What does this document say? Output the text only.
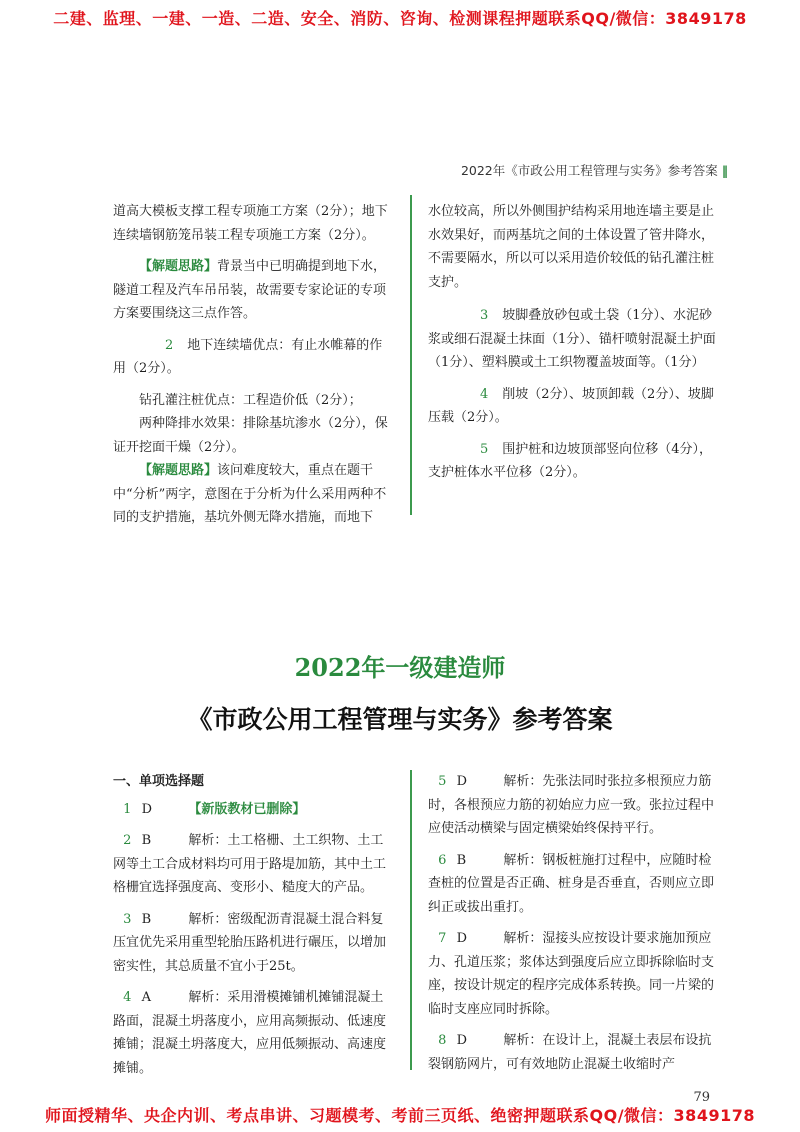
二建、监理、一建、一造、二造、安全、消防、咨询、检测课程押题联系QQ/微信：3849178
2022年《市政公用工程管理与实务》参考答案 ‖

道高大模板支撑工程专项施工方案（2分）；地下连续墙钢筋笼吊装工程专项施工方案（2分）。

【解题思路】背景当中已明确提到地下水，隧道工程及汽车吊吊装，故需要专家论证的专项方案要围绕这三点作答。

2 地下连续墙优点：有止水帷幕的作用（2分）。

钻孔灌注桩优点：工程造价低（2分）；

两种降排水效果：排除基坑渗水（2分），保证开挖面干燥（2分）。

【解题思路】该问难度较大，重点在题干中“分析”两字，意图在于分析为什么采用两种不同的支护措施，基坑外侧无降水措施，而地下

水位较高，所以外侧围护结构采用地连墙主要是止水效果好，而两基坑之间的土体设置了管井降水，不需要隔水，所以可以采用造价较低的钻孔灌注桩支护。

3 坡脚叠放砂包或土袋（1分）、水泥砂浆或细石混凝土抹面（1分）、锚杆喷射混凝土护面（1分）、塑料膜或土工织物覆盖坡面等。（1分）

4 削坡（2分）、坡顶卸载（2分）、坡脚压载（2分）。

5 围护桩和边坡顶部竖向位移（4分），支护桩体水平位移（2分）。

2022年一级建造师
《市政公用工程管理与实务》参考答案
一、单项选择题

1 D	【新版教材已删除】

2 B	解析：土工格栅、土工织物、土工网等土工合成材料均可用于路堤加筋，其中土工格栅宜选择强度高、变形小、糙度大的产品。

3 B	解析：密级配沥青混凝土混合料复压宜优先采用重型轮胎压路机进行碾压，以增加密实性，其总质量不宜小于25t。

4 A	解析：采用滑模摊铺机摊铺混凝土路面，混凝土坍落度小，应用高频振动、低速度摊铺；混凝土坍落度大，应用低频振动、高速度摊铺。

5 D	解析：先张法同时张拉多根预应力筋时，各根预应力筋的初始应力应一致。张拉过程中应使活动横梁与固定横梁始终保持平行。

6 B	解析：钢板桩施打过程中，应随时检查桩的位置是否正确、桩身是否垂直，否则应立即纠正或拔出重打。

7 D	解析：湿接头应按设计要求施加预应力、孔道压浆；浆体达到强度后应立即拆除临时支座，按设计规定的程序完成体系转换。同一片梁的临时支座应同时拆除。

8 D	解析：在设计上，混凝土表层布设抗裂钢筋网片，可有效地防止混凝土收缩时产

79
师面授精华、央企内训、考点串讲、习题模考、考前三页纸、绝密押题联系QQ/微信：3849178
